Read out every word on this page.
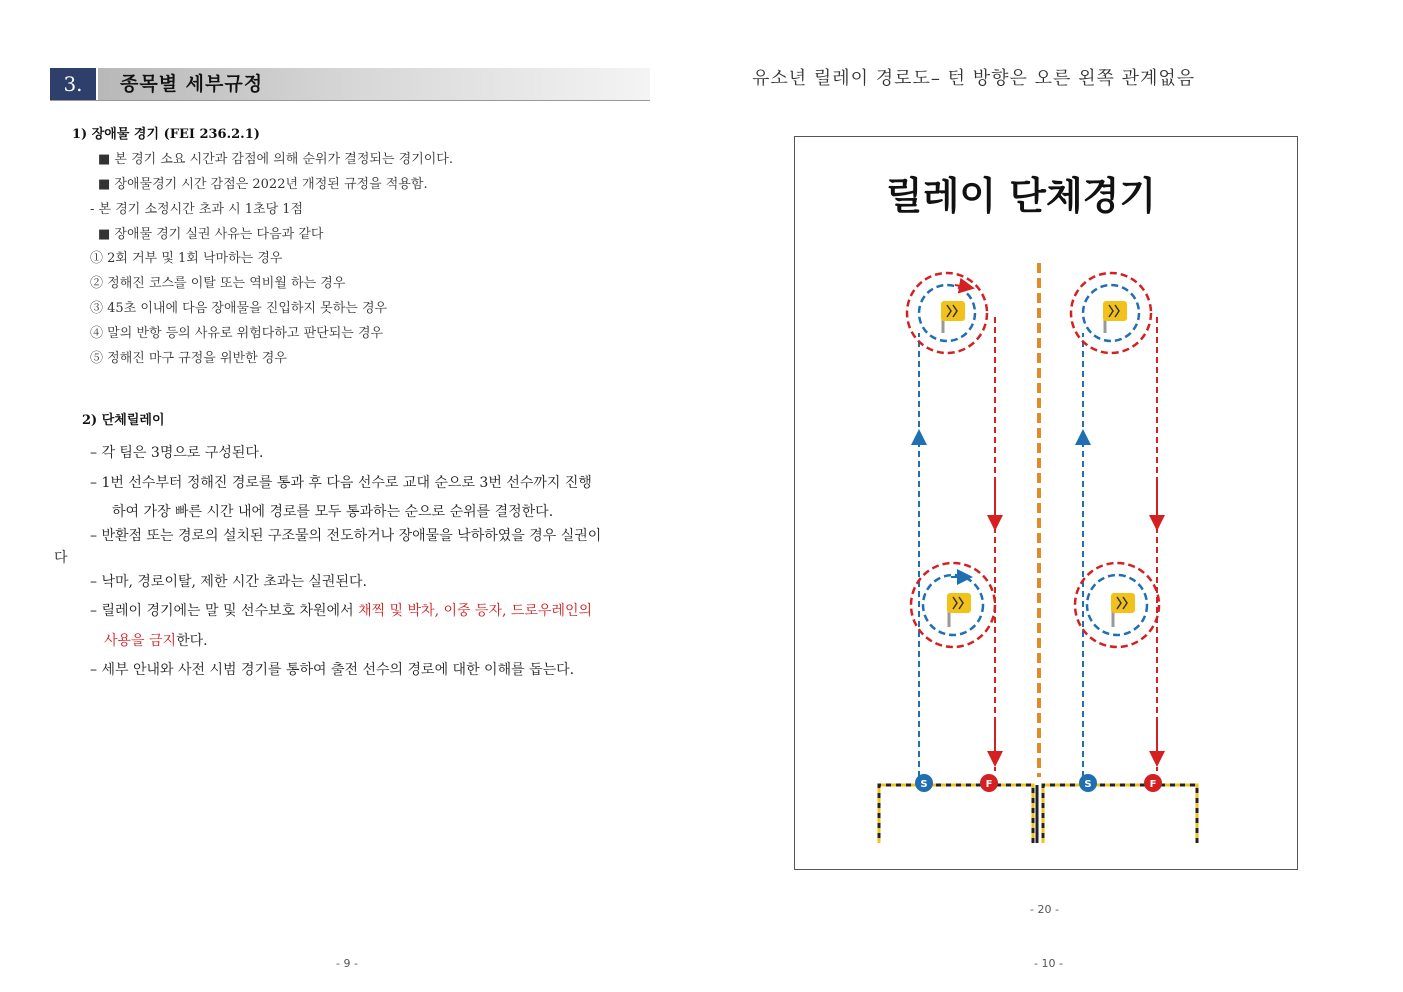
3.	종목별 세부규정
1) 장애물 경기 (FEI 236.2.1)
■ 본 경기 소요 시간과 감점에 의해 순위가 결정되는 경기이다.
■ 장애물경기 시간 감점은 2022년 개정된 규정을 적용함.
- 본 경기 소정시간 초과 시 1초당 1점
■ 장애물 경기 실권 사유는 다음과 같다
① 2회 거부 및 1회 낙마하는 경우
② 정해진 코스를 이탈 또는 역비월 하는 경우
③ 45초 이내에 다음 장애물을 진입하지 못하는 경우
④ 말의 반항 등의 사유로 위험다하고 판단되는 경우
⑤ 정해진 마구 규정을 위반한 경우
2) 단체릴레이
– 각 팀은 3명으로 구성된다.
– 1번 선수부터 정해진 경로를 통과 후 다음 선수로 교대 순으로 3번 선수까지 진행
하여 가장 빠른 시간 내에 경로를 모두 통과하는 순으로 순위를 결정한다.
– 반환점 또는 경로의 설치된 구조물의 전도하거나 장애물을 낙하하였을 경우 실권이
다
– 낙마, 경로이탈, 제한 시간 초과는 실권된다.
– 릴레이 경기에는 말 및 선수보호 차원에서 채찍 및 박차, 이중 등자, 드로우레인의
사용을 금지한다.
– 세부 안내와 사전 시범 경기를 통하여 출전 선수의 경로에 대한 이해를 돕는다.
- 9 -
유소년 릴레이 경로도– 턴 방향은 오른 왼쪽 관계없음
릴레이 단체경기
S	F	S	F
- 20 -
- 10 -
